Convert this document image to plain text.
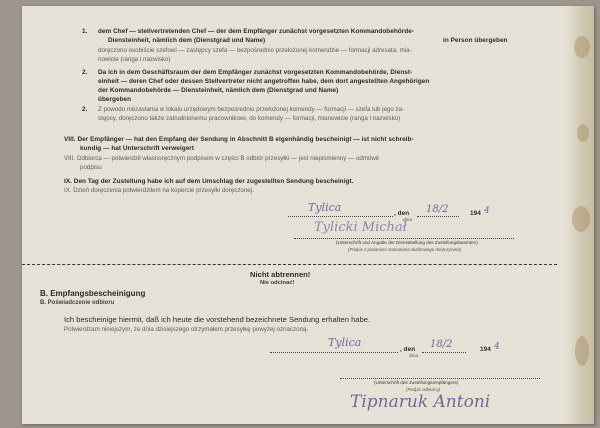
1. dem Chef — stellvertretenden Chef — der dem Empfänger zunächst vorgesetzten Kommandobehörde-
Diensteinheit, nämlich dem (Dienstgrad und Name)	in Person übergeben
doręczono osobiście szefowi — zastępcy szefa — bezpośrednio przełożonej komendzie — formacji adresata, mia-
nowicie (ranga i nazwisko)
2. Da ich in dem Geschäftsraum der dem Empfänger zunächst vorgesetzten Kommandobehörde, Dienst-
einheit — deren Chef oder dessen Stellvertreter nicht angetroffen habe, dem dort angestellten Angehörigen
der Kommandobehörde — Diensteinheit, nämlich dem (Dienstgrad und Name)
übergeben
2. Z powodu niezastania w lokalu urzędowym bezpośrednio przełożonej komendy — formacji — szefa lub jego za-
stępcy, doręczono także zatrudnionemu pracownikowi, do komendy — formacji, mianowicie (ranga i nazwisko)
VIII. Der Empfänger — hat den Empfang der Sendung in Abschnitt B eigenhändig bescheinigt — ist nicht schreib-
kundig — hat Unterschrift verweigert
VIII. Odbiorca — potwierdził własnoręcznym podpisem w części B odbiór przesyłki — jest niepiśmienny — odmówił
podpisu
IX. Den Tag der Zustellung habe ich auf dem Umschlag der zugestellten Sendung bescheinigt.
IX. Dzień doręczenia potwierdziłem na kopercie przesyłki doręczonej.
Tylica	, den
dnia
18/2	194 4
Tylicki Michał
(Unterschrift und Angabe der Dienststellung des Zustellungsbeamten)
(Podpis z podaniem stanowiska służbowego doręczyciela)
Nicht abtrennen!
Nie odcinać!
B. Empfangsbescheinigung
B. Poświadczenie odbioru
Ich bescheinige hiermit, daß ich heute die vorstehend bezeichnete Sendung erhalten habe.
Potwierdzam niniejszym, że dnia dzisiejszego otrzymałem przesyłkę powyżej oznaczoną.
Tylica
, den
dnia
18/2	194 4
(Unterschrift des Zustellungsempfängers)
(Podpis odbiorcy)
Tipnaruk Antoni
